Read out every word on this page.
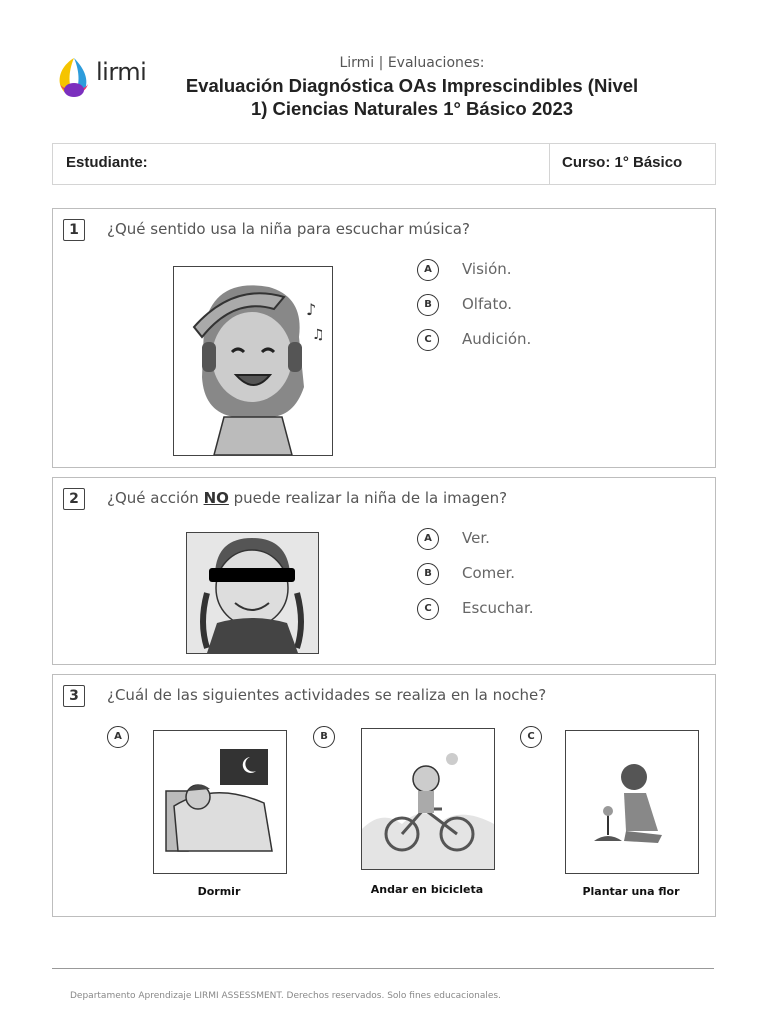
lirmi	Lirmi | Evaluaciones:
Evaluación Diagnóstica OAs Imprescindibles (Nivel
1) Ciencias Naturales 1° Básico 2023
Estudiante:	Curso: 1° Básico
1	¿Qué sentido usa la niña para escuchar música?
♪
♫
A	Visión.
B	Olfato.
C	Audición.
2	¿Qué acción NO puede realizar la niña de la imagen?
A	Ver.
B	Comer.
C	Escuchar.
3	¿Cuál de las siguientes actividades se realiza en la noche?
A
Dormir
B
Andar en bicicleta
C
Plantar una flor
Departamento Aprendizaje LIRMI ASSESSMENT. Derechos reservados. Solo fines educacionales.
